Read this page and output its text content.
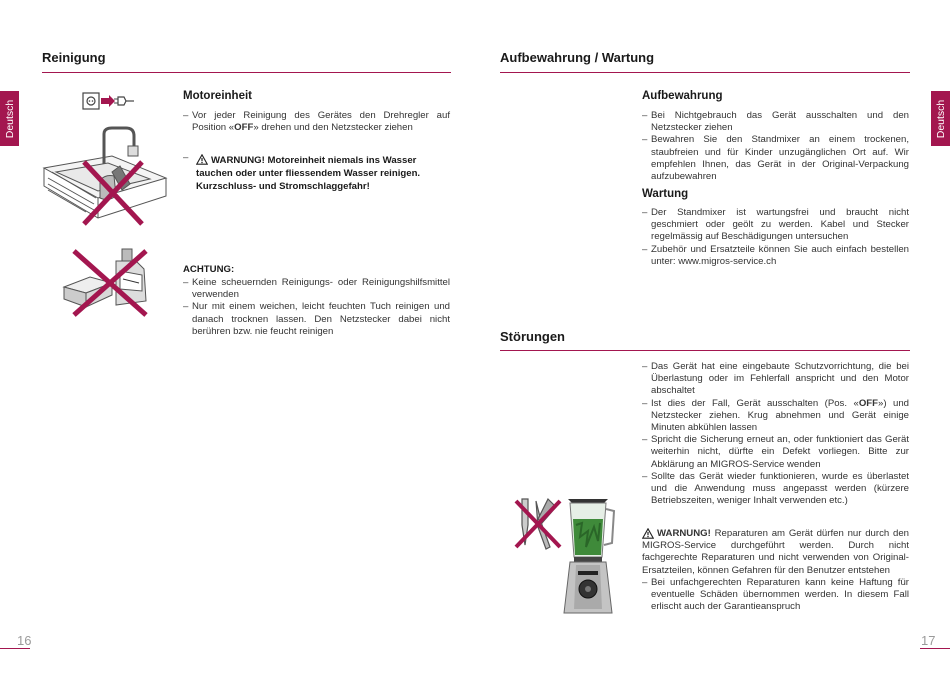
Deutsch	Deutsch
Reinigung
Motoreinheit
– Vor jeder Reinigung des Gerätes den Drehregler auf Position «OFF» drehen und den Netzstecker ziehen
–	WARNUNG! Motoreinheit niemals ins Wasser tauchen oder unter fliessendem Wasser reinigen. Kurzschluss- und Stromschlaggefahr!
ACHTUNG:
– Keine scheuernden Reinigungs- oder Reinigungshilfsmittel verwenden
– Nur mit einem weichen, leicht feuchten Tuch reinigen und danach trocknen lassen. Den Netzstecker dabei nicht berühren bzw. nie feucht reinigen
16
Aufbewahrung / Wartung
Aufbewahrung
– Bei Nichtgebrauch das Gerät ausschalten und den Netzstecker ziehen
– Bewahren Sie den Standmixer an einem trockenen, staubfreien und für Kinder unzugänglichen Ort auf. Wir empfehlen Ihnen, das Gerät in der Original-Verpackung aufzubewahren
Wartung
– Der Standmixer ist wartungsfrei und braucht nicht geschmiert oder geölt zu werden. Kabel und Stecker regelmässig auf Beschädigungen untersuchen
– Zubehör und Ersatzteile können Sie auch einfach bestellen unter: www.migros-service.ch
Störungen
– Das Gerät hat eine eingebaute Schutzvorrichtung, die bei Überlastung oder im Fehlerfall anspricht und den Motor abschaltet
– Ist dies der Fall, Gerät ausschalten (Pos. «OFF») und Netzstecker ziehen. Krug abnehmen und Gerät einige Minuten abkühlen lassen
– Spricht die Sicherung erneut an, oder funktioniert das Gerät weiterhin nicht, dürfte ein Defekt vorliegen. Bitte zur Abklärung an MIGROS-Service wenden
– Sollte das Gerät wieder funktionieren, wurde es überlastet und die Anwendung muss angepasst werden (kürzere Betriebszeiten, weniger Inhalt verwenden etc.)
WARNUNG! Reparaturen am Gerät dürfen nur durch den MIGROS-Service durchgeführt werden. Durch nicht fachgerechte Reparaturen und nicht verwenden von Original-Ersatzteilen, können Gefahren für den Benutzer entstehen
– Bei unfachgerechten Reparaturen kann keine Haftung für eventuelle Schäden übernommen werden. In diesem Fall erlischt auch der Garantieanspruch
17
